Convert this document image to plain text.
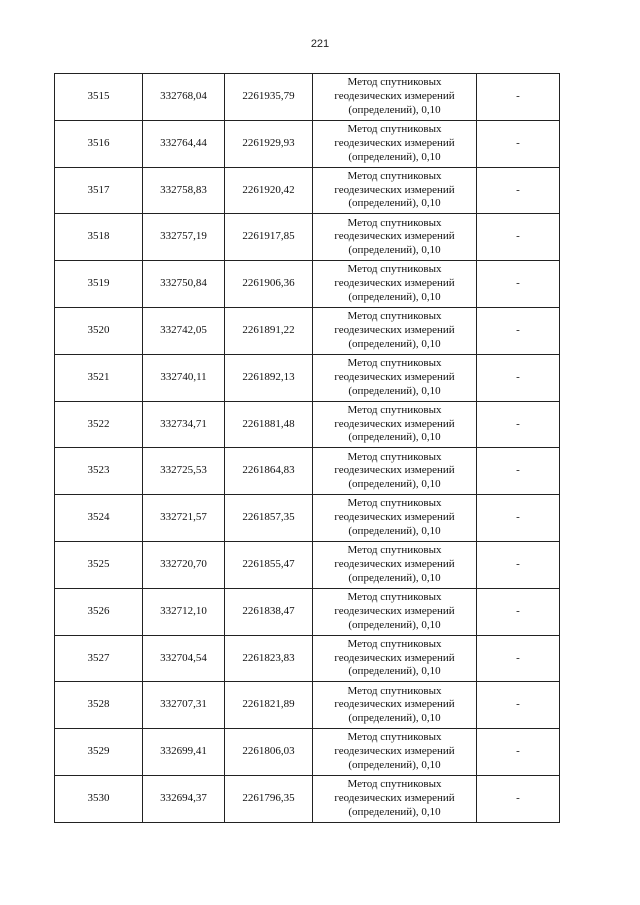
221
3515	332768,04	2261935,79	Метод спутниковых геодезических измерений (определений), 0,10	-
3516	332764,44	2261929,93	Метод спутниковых геодезических измерений (определений), 0,10	-
3517	332758,83	2261920,42	Метод спутниковых геодезических измерений (определений), 0,10	-
3518	332757,19	2261917,85	Метод спутниковых геодезических измерений (определений), 0,10	-
3519	332750,84	2261906,36	Метод спутниковых геодезических измерений (определений), 0,10	-
3520	332742,05	2261891,22	Метод спутниковых геодезических измерений (определений), 0,10	-
3521	332740,11	2261892,13	Метод спутниковых геодезических измерений (определений), 0,10	-
3522	332734,71	2261881,48	Метод спутниковых геодезических измерений (определений), 0,10	-
3523	332725,53	2261864,83	Метод спутниковых геодезических измерений (определений), 0,10	-
3524	332721,57	2261857,35	Метод спутниковых геодезических измерений (определений), 0,10	-
3525	332720,70	2261855,47	Метод спутниковых геодезических измерений (определений), 0,10	-
3526	332712,10	2261838,47	Метод спутниковых геодезических измерений (определений), 0,10	-
3527	332704,54	2261823,83	Метод спутниковых геодезических измерений (определений), 0,10	-
3528	332707,31	2261821,89	Метод спутниковых геодезических измерений (определений), 0,10	-
3529	332699,41	2261806,03	Метод спутниковых геодезических измерений (определений), 0,10	-
3530	332694,37	2261796,35	Метод спутниковых геодезических измерений (определений), 0,10	-
